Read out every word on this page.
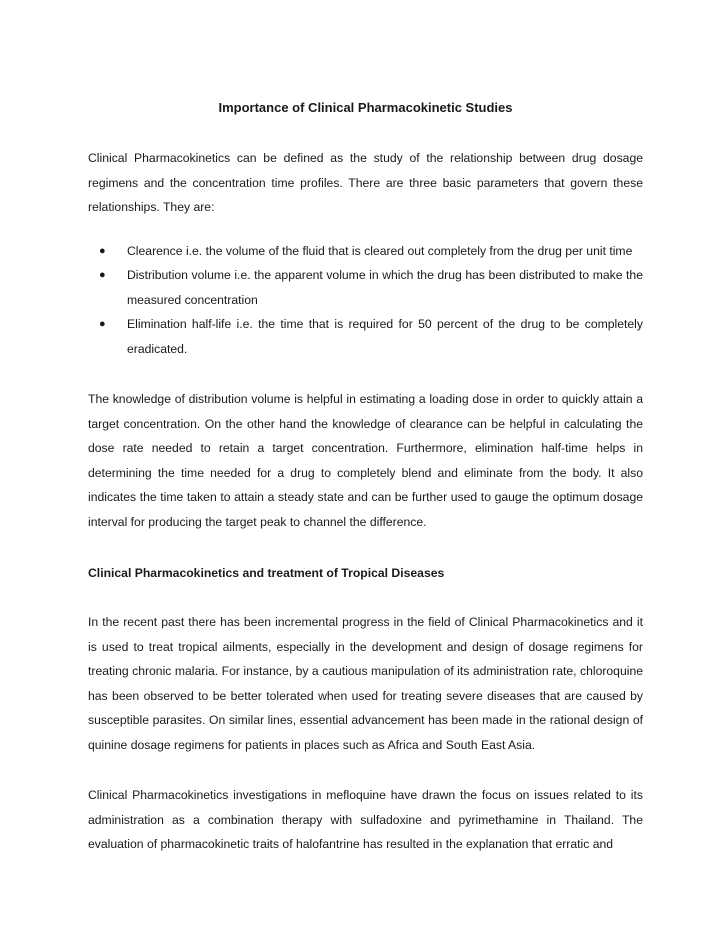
Importance of Clinical Pharmacokinetic Studies

Clinical Pharmacokinetics can be defined as the study of the relationship between drug dosage regimens and the concentration time profiles. There are three basic parameters that govern these relationships. They are:

● Clearence i.e. the volume of the fluid that is cleared out completely from the drug per unit time
● Distribution volume i.e. the apparent volume in which the drug has been distributed to make the measured concentration
● Elimination half-life i.e. the time that is required for 50 percent of the drug to be completely eradicated.

The knowledge of distribution volume is helpful in estimating a loading dose in order to quickly attain a target concentration. On the other hand the knowledge of clearance can be helpful in calculating the dose rate needed to retain a target concentration. Furthermore, elimination half-time helps in determining the time needed for a drug to completely blend and eliminate from the body. It also indicates the time taken to attain a steady state and can be further used to gauge the optimum dosage interval for producing the target peak to channel the difference.

Clinical Pharmacokinetics and treatment of Tropical Diseases

In the recent past there has been incremental progress in the field of Clinical Pharmacokinetics and it is used to treat tropical ailments, especially in the development and design of dosage regimens for treating chronic malaria. For instance, by a cautious manipulation of its administration rate, chloroquine has been observed to be better tolerated when used for treating severe diseases that are caused by susceptible parasites. On similar lines, essential advancement has been made in the rational design of quinine dosage regimens for patients in places such as Africa and South East Asia.

Clinical Pharmacokinetics investigations in mefloquine have drawn the focus on issues related to its administration as a combination therapy with sulfadoxine and pyrimethamine in Thailand. The evaluation of pharmacokinetic traits of halofantrine has resulted in the explanation that erratic and
